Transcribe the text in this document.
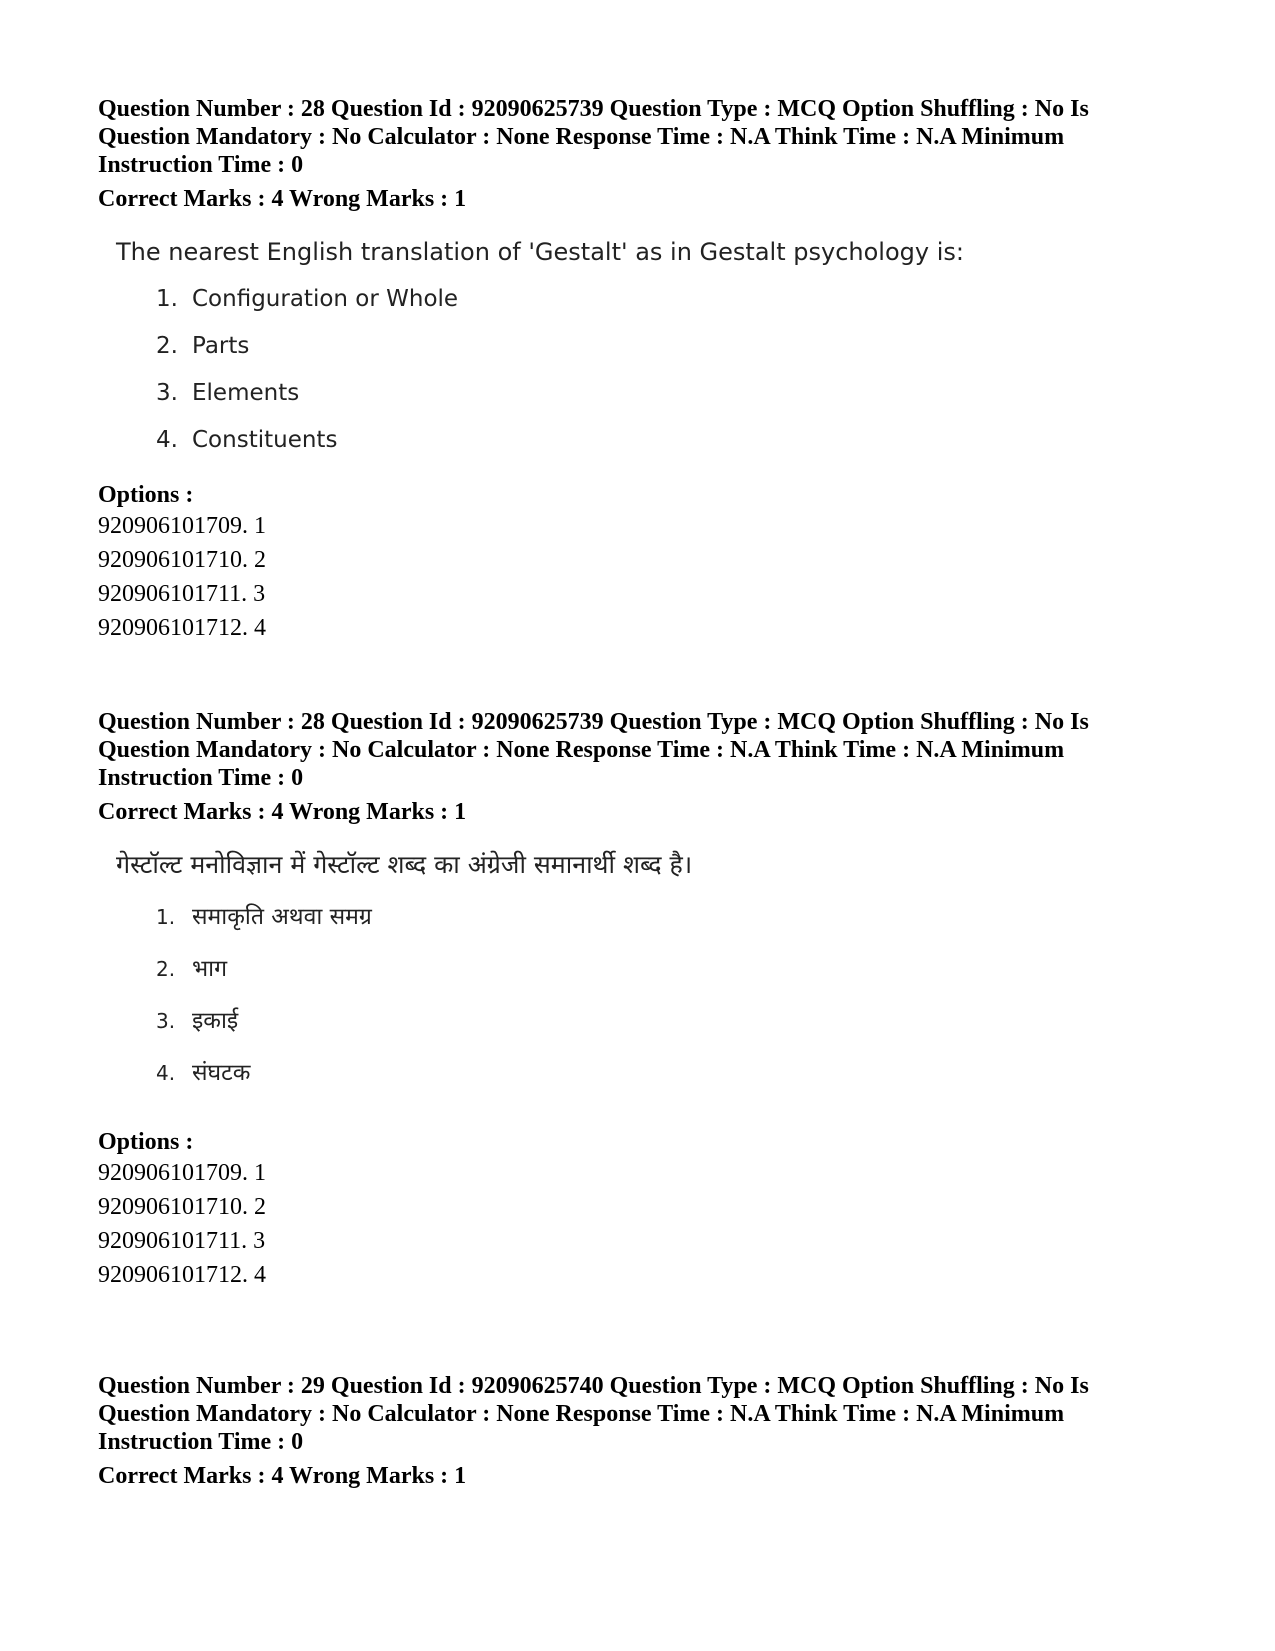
Question Number : 28 Question Id : 92090625739 Question Type : MCQ Option Shuffling : No Is Question Mandatory : No Calculator : None Response Time : N.A Think Time : N.A Minimum Instruction Time : 0

Correct Marks : 4 Wrong Marks : 1
The nearest English translation of 'Gestalt' as in Gestalt psychology is:
1. Configuration or Whole
2. Parts
3. Elements
4. Constituents
Options :
920906101709. 1
920906101710. 2
920906101711. 3
920906101712. 4

Question Number : 28 Question Id : 92090625739 Question Type : MCQ Option Shuffling : No Is Question Mandatory : No Calculator : None Response Time : N.A Think Time : N.A Minimum Instruction Time : 0

Correct Marks : 4 Wrong Marks : 1
गेस्टॉल्ट मनोविज्ञान में गेस्टॉल्ट शब्द का अंग्रेजी समानार्थी शब्द है।
1. समाकृति अथवा समग्र
2. भाग
3. इकाई
4. संघटक
Options :
920906101709. 1
920906101710. 2
920906101711. 3
920906101712. 4

Question Number : 29 Question Id : 92090625740 Question Type : MCQ Option Shuffling : No Is Question Mandatory : No Calculator : None Response Time : N.A Think Time : N.A Minimum Instruction Time : 0

Correct Marks : 4 Wrong Marks : 1
